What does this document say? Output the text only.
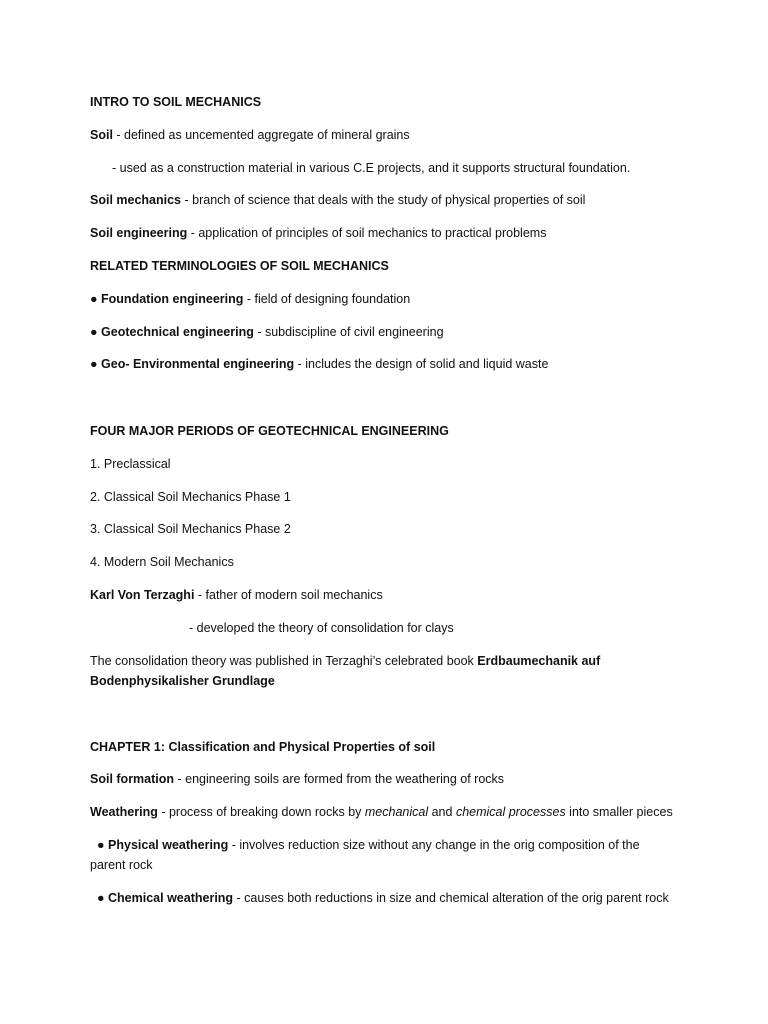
INTRO TO SOIL MECHANICS
Soil - defined as uncemented aggregate of mineral grains
- used as a construction material in various C.E projects, and it supports structural foundation.
Soil mechanics - branch of science that deals with the study of physical properties of soil
Soil engineering - application of principles of soil mechanics to practical problems
RELATED TERMINOLOGIES OF SOIL MECHANICS
● Foundation engineering - field of designing foundation
● Geotechnical engineering - subdiscipline of civil engineering
● Geo- Environmental engineering - includes the design of solid and liquid waste
FOUR MAJOR PERIODS OF GEOTECHNICAL ENGINEERING
1. Preclassical
2. Classical Soil Mechanics Phase 1
3. Classical Soil Mechanics Phase 2
4. Modern Soil Mechanics
Karl Von Terzaghi - father of modern soil mechanics
- developed the theory of consolidation for clays
The consolidation theory was published in Terzaghi’s celebrated book Erdbaumechanik auf
Bodenphysikalisher Grundlage
CHAPTER 1: Classification and Physical Properties of soil
Soil formation - engineering soils are formed from the weathering of rocks
Weathering - process of breaking down rocks by mechanical and chemical processes into smaller pieces
● Physical weathering - involves reduction size without any change in the orig composition of the
parent rock
● Chemical weathering - causes both reductions in size and chemical alteration of the orig parent rock
